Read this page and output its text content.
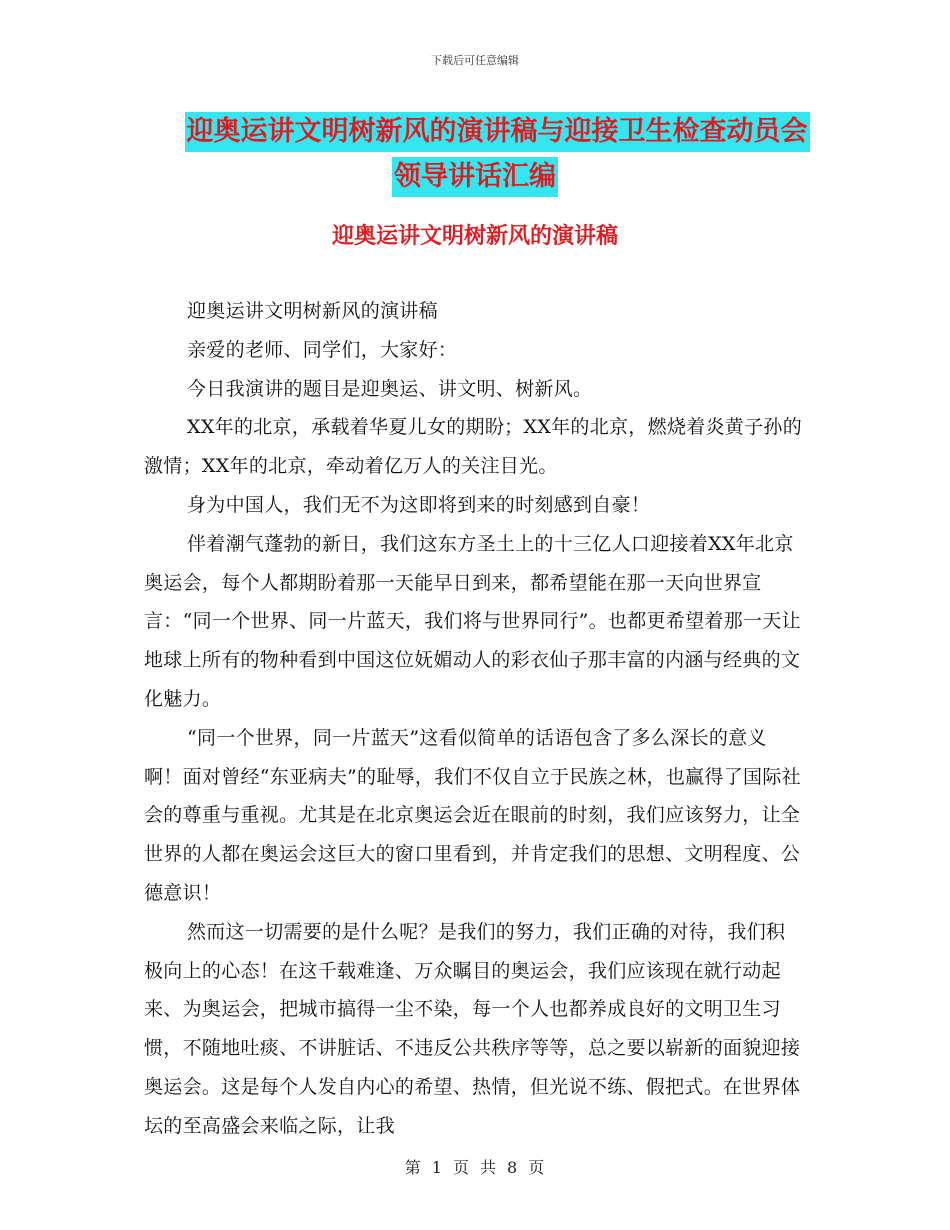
下载后可任意编辑
迎奥运讲文明树新风的演讲稿与迎接卫生检查动员会
领导讲话汇编
迎奥运讲文明树新风的演讲稿

迎奥运讲文明树新风的演讲稿

亲爱的老师、同学们，大家好：

今日我演讲的题目是迎奥运、讲文明、树新风。

XX年的北京，承载着华夏儿女的期盼；XX年的北京，燃烧着炎黄子孙的激情；XX年的北京，牵动着亿万人的关注目光。

身为中国人，我们无不为这即将到来的时刻感到自豪！

伴着潮气蓬勃的新日，我们这东方圣土上的十三亿人口迎接着XX年北京奥运会，每个人都期盼着那一天能早日到来，都希望能在那一天向世界宣言：“同一个世界、同一片蓝天，我们将与世界同行”。也都更希望着那一天让地球上所有的物种看到中国这位妩媚动人的彩衣仙子那丰富的内涵与经典的文化魅力。

“同一个世界，同一片蓝天”这看似简单的话语包含了多么深长的意义啊！面对曾经“东亚病夫”的耻辱，我们不仅自立于民族之林，也赢得了国际社会的尊重与重视。尤其是在北京奥运会近在眼前的时刻，我们应该努力，让全世界的人都在奥运会这巨大的窗口里看到，并肯定我们的思想、文明程度、公德意识！

然而这一切需要的是什么呢？是我们的努力，我们正确的对待，我们积极向上的心态！在这千载难逢、万众瞩目的奥运会，我们应该现在就行动起来、为奥运会，把城市搞得一尘不染，每一个人也都养成良好的文明卫生习惯，不随地吐痰、不讲脏话、不违反公共秩序等等，总之要以崭新的面貌迎接奥运会。这是每个人发自内心的希望、热情，但光说不练、假把式。在世界体坛的至高盛会来临之际，让我

第 1 页 共 8 页
